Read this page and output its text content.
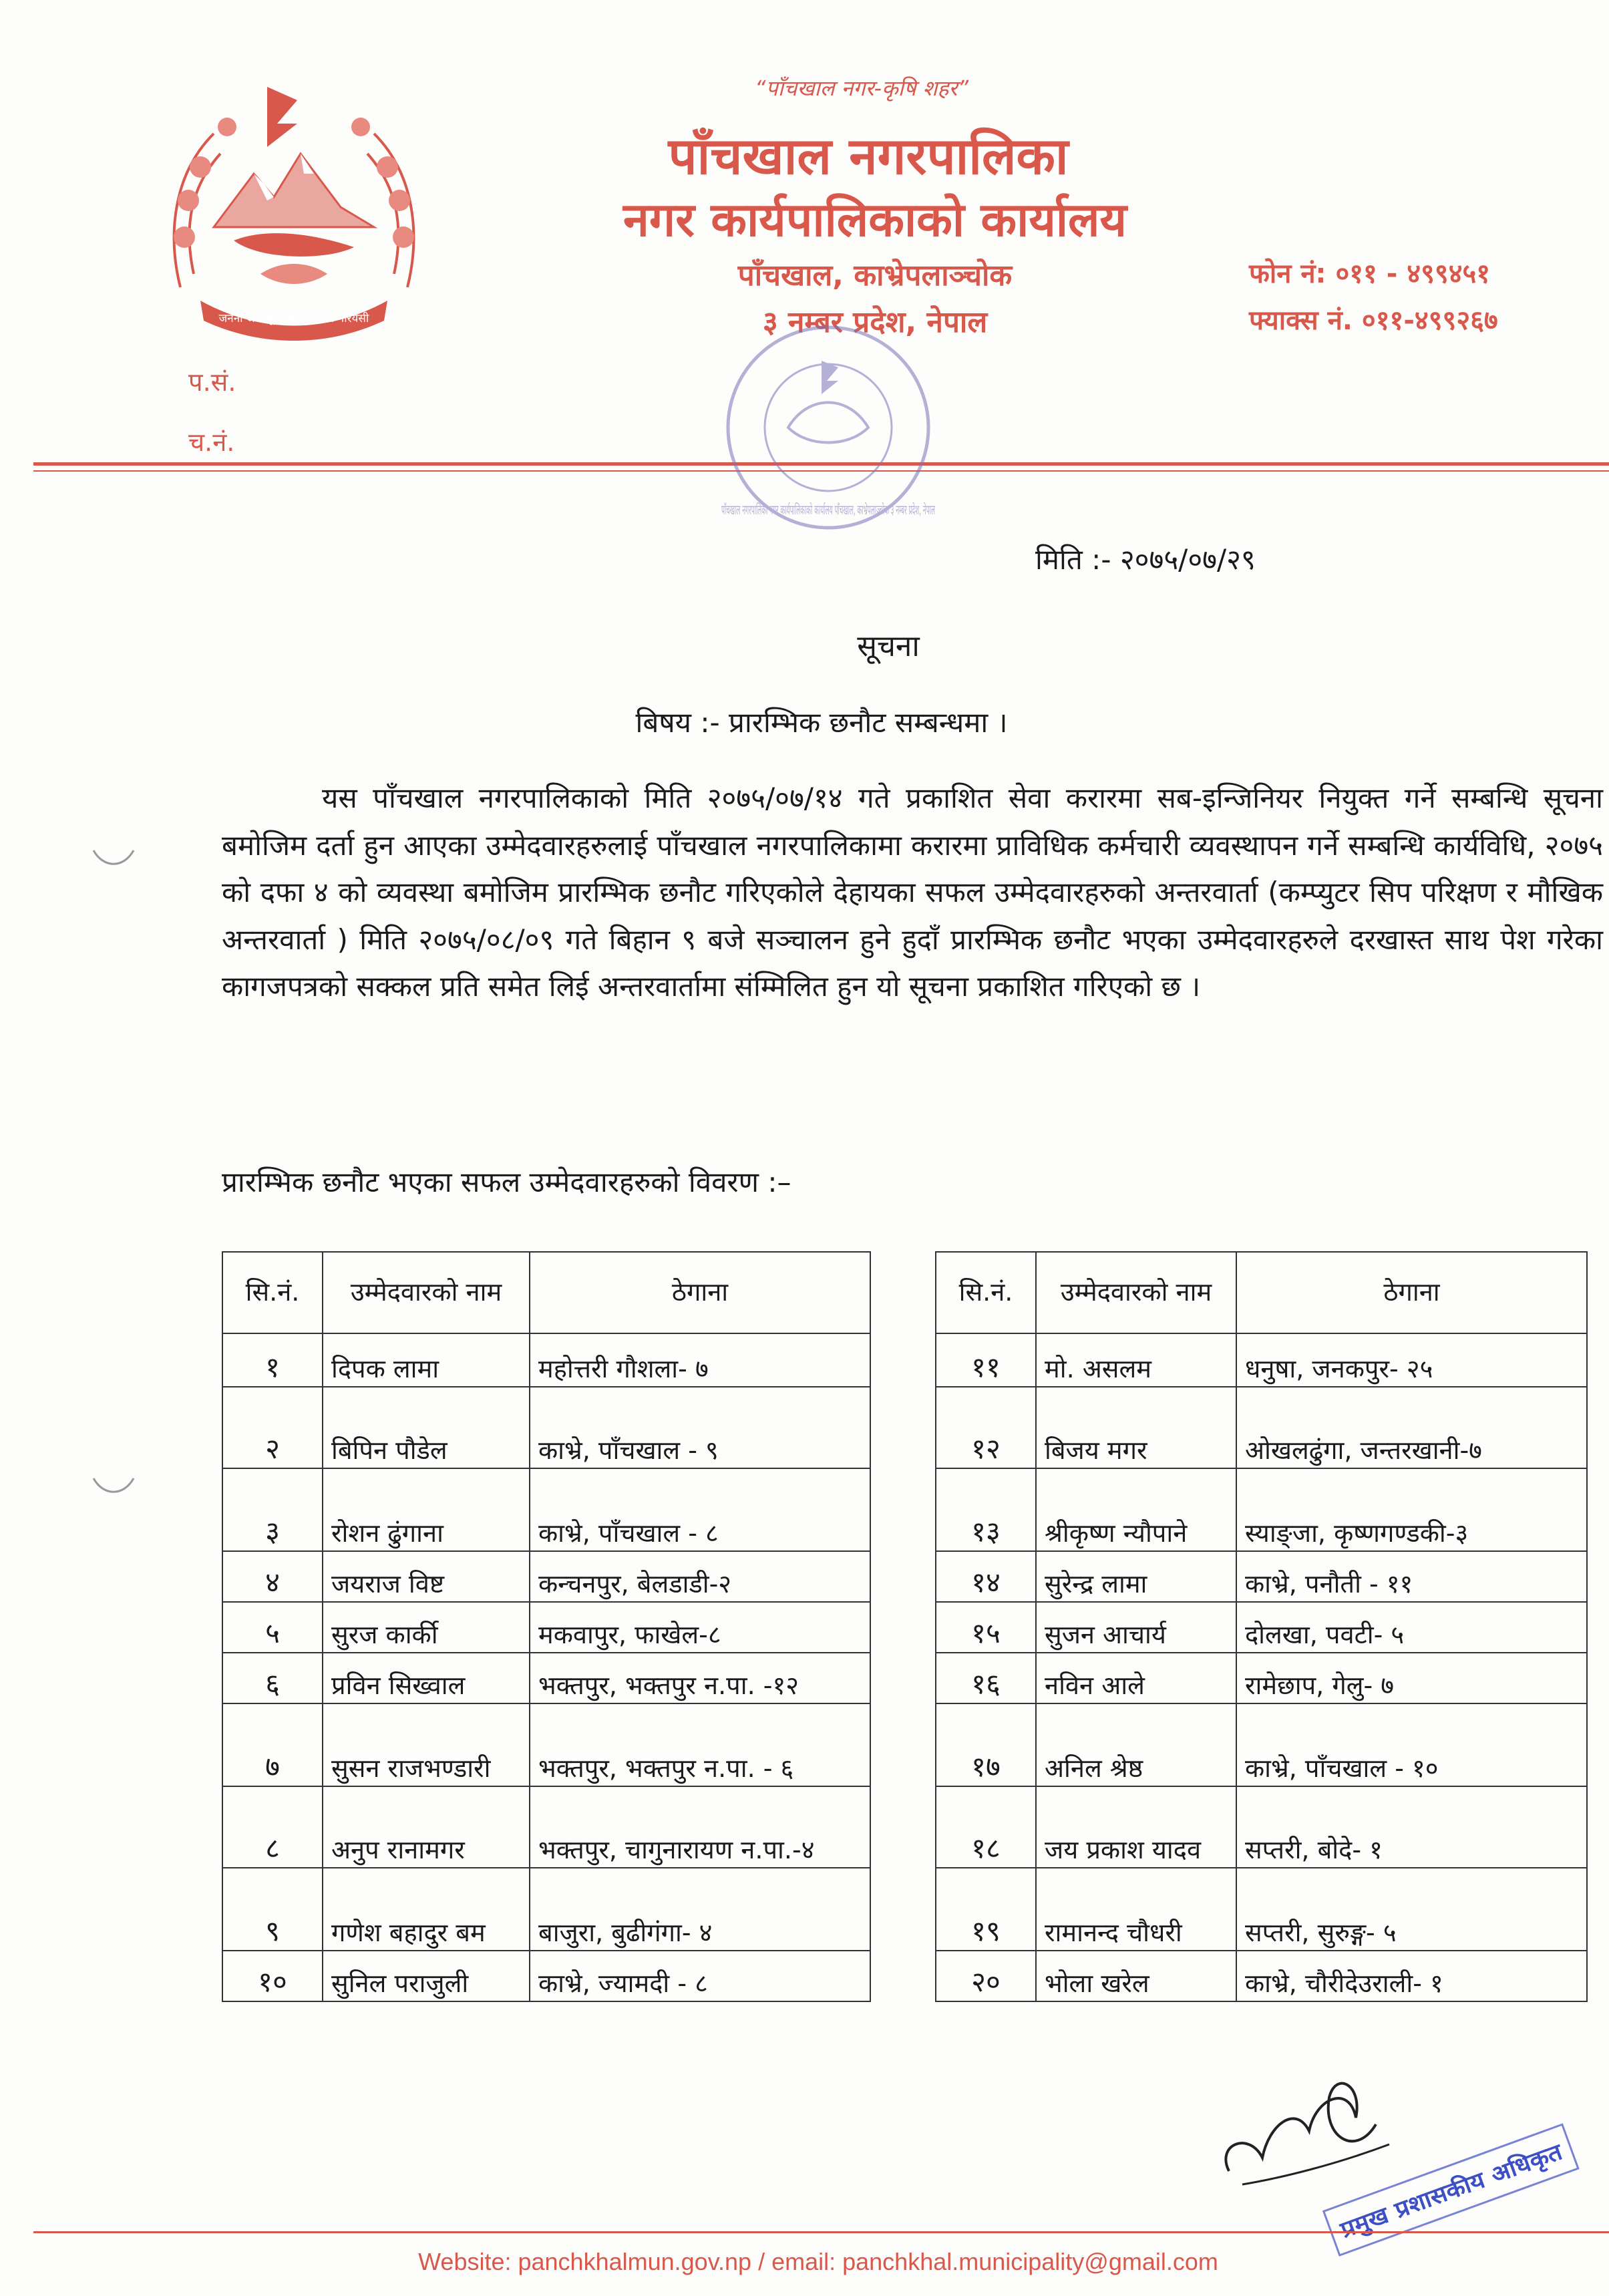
जननी जन्मभूमिश्च स्वर्गादपि गरियसी
“पाँचखाल नगर-कृषि शहर”
पाँचखाल नगरपालिका
नगर कार्यपालिकाको कार्यालय
पाँचखाल, काभ्रेपलाञ्चोक
३ नम्बर प्रदेश, नेपाल
फोन नं: ०११ - ४९९४५१
फ्याक्स नं. ०११-४९९२६७
प.सं.
च.नं.
पाँचखाल नगरपालिका नगर कार्यपालिकाको कार्यालय पाँचखाल, काभ्रेपलाञ्चोक ३ नम्बर प्रदेश, नेपाल
मिति :- २०७५/०७/२९
सूचना
बिषय :- प्रारम्भिक छनौट सम्बन्धमा ।
यस पाँचखाल नगरपालिकाको मिति २०७५/०७/१४ गते प्रकाशित सेवा करारमा सब-इन्जिनियर नियुक्त गर्ने सम्बन्धि सूचना बमोजिम दर्ता हुन आएका उम्मेदवारहरुलाई पाँचखाल नगरपालिकामा करारमा प्राविधिक कर्मचारी व्यवस्थापन गर्ने सम्बन्धि कार्यविधि, २०७५ को दफा ४ को व्यवस्था बमोजिम प्रारम्भिक छनौट गरिएकोले देहायका सफल उम्मेदवारहरुको अन्तरवार्ता (कम्प्युटर सिप परिक्षण र मौखिक अन्तरवार्ता ) मिति २०७५/०८/०९ गते बिहान ९ बजे सञ्चालन हुने हुदाँ प्रारम्भिक छनौट भएका उम्मेदवारहरुले दरखास्त साथ पेश गरेका कागजपत्रको सक्कल प्रति समेत लिई अन्तरवार्तामा संम्मिलित हुन यो सूचना प्रकाशित गरिएको छ ।
प्रारम्भिक छनौट भएका सफल उम्मेदवारहरुको विवरण :–
सि.नं.	उम्मेदवारको नाम	ठेगाना
१	दिपक लामा	महोत्तरी गौशला- ७
२	बिपिन पौडेल	काभ्रे, पाँचखाल - ९
३	रोशन ढुंगाना	काभ्रे, पाँचखाल - ८
४	जयराज विष्ट	कन्चनपुर, बेलडाडी-२
५	सुरज कार्की	मकवापुर, फाखेल-८
६	प्रविन सिख्वाल	भक्तपुर, भक्तपुर न.पा. -१२
७	सुसन राजभण्डारी	भक्तपुर, भक्तपुर न.पा. - ६
८	अनुप रानामगर	भक्तपुर, चागुनारायण न.पा.-४
९	गणेश बहादुर बम	बाजुरा, बुढीगंगा- ४
१०	सुनिल पराजुली	काभ्रे, ज्यामदी - ८
सि.नं.	उम्मेदवारको नाम	ठेगाना
११	मो. असलम	धनुषा, जनकपुर- २५
१२	बिजय मगर	ओखलढुंगा, जन्तरखानी-७
१३	श्रीकृष्ण न्यौपाने	स्याङ्जा, कृष्णगण्डकी-३
१४	सुरेन्द्र लामा	काभ्रे, पनौती - ११
१५	सुजन आचार्य	दोलखा, पवटी- ५
१६	नविन आले	रामेछाप, गेलु- ७
१७	अनिल श्रेष्ठ	काभ्रे, पाँचखाल - १०
१८	जय प्रकाश यादव	सप्तरी, बोदे- १
१९	रामानन्द चौधरी	सप्तरी, सुरुङ्ग- ५
२०	भोला खरेल	काभ्रे, चौरीदेउराली- १
प्रमुख प्रशासकीय अधिकृत
Website: panchkhalmun.gov.np / email: panchkhal.municipality@gmail.com
